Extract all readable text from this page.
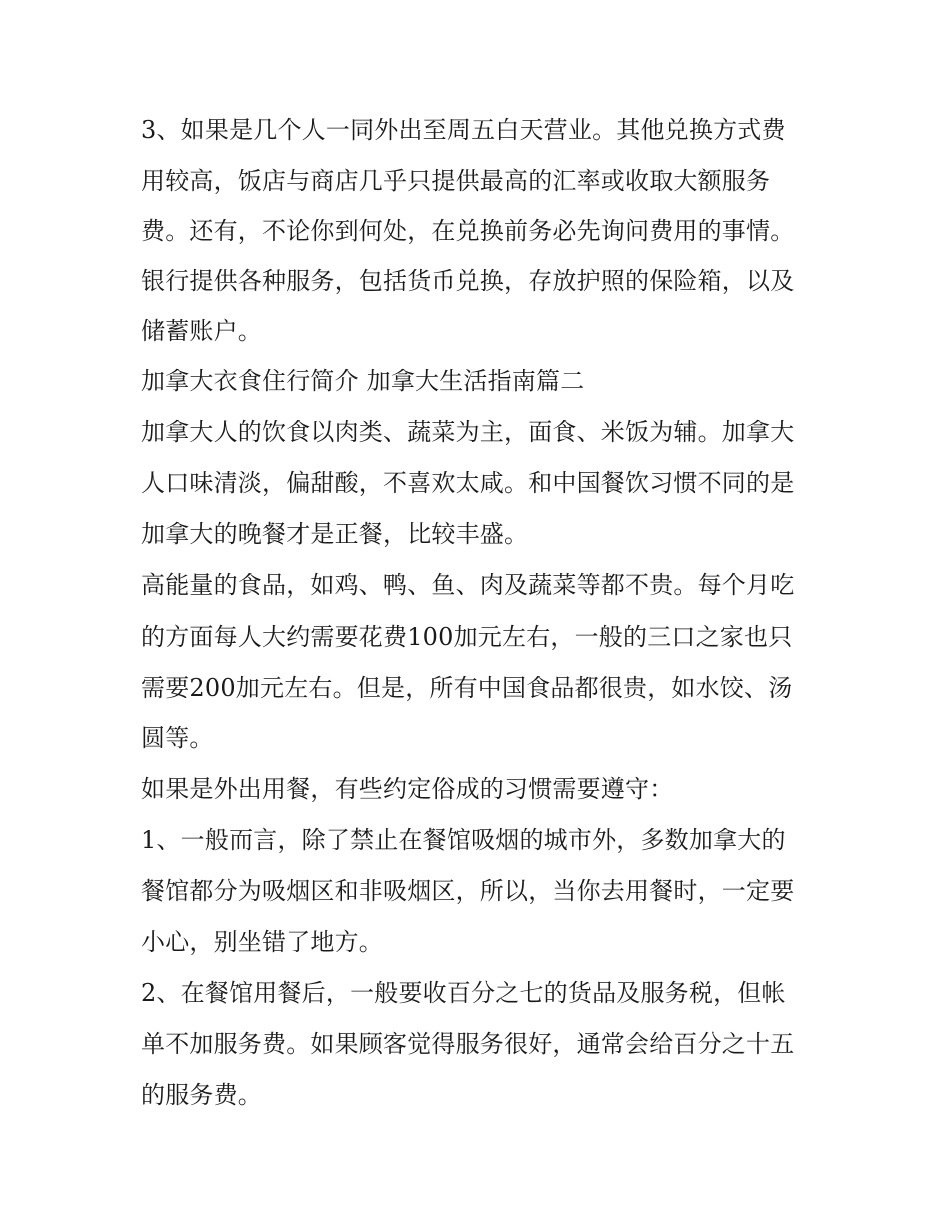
3、如果是几个人一同外出至周五白天营业。其他兑换方式费
用较高，饭店与商店几乎只提供最高的汇率或收取大额服务
费。还有，不论你到何处，在兑换前务必先询问费用的事情。
银行提供各种服务，包括货币兑换，存放护照的保险箱，以及
储蓄账户。
加拿大衣食住行简介 加拿大生活指南篇二
加拿大人的饮食以肉类、蔬菜为主，面食、米饭为辅。加拿大
人口味清淡，偏甜酸，不喜欢太咸。和中国餐饮习惯不同的是
加拿大的晚餐才是正餐，比较丰盛。
高能量的食品，如鸡、鸭、鱼、肉及蔬菜等都不贵。每个月吃
的方面每人大约需要花费100加元左右，一般的三口之家也只
需要200加元左右。但是，所有中国食品都很贵，如水饺、汤
圆等。
如果是外出用餐，有些约定俗成的习惯需要遵守：
1、一般而言，除了禁止在餐馆吸烟的城市外，多数加拿大的
餐馆都分为吸烟区和非吸烟区，所以，当你去用餐时，一定要
小心，别坐错了地方。
2、在餐馆用餐后，一般要收百分之七的货品及服务税，但帐
单不加服务费。如果顾客觉得服务很好，通常会给百分之十五
的服务费。
